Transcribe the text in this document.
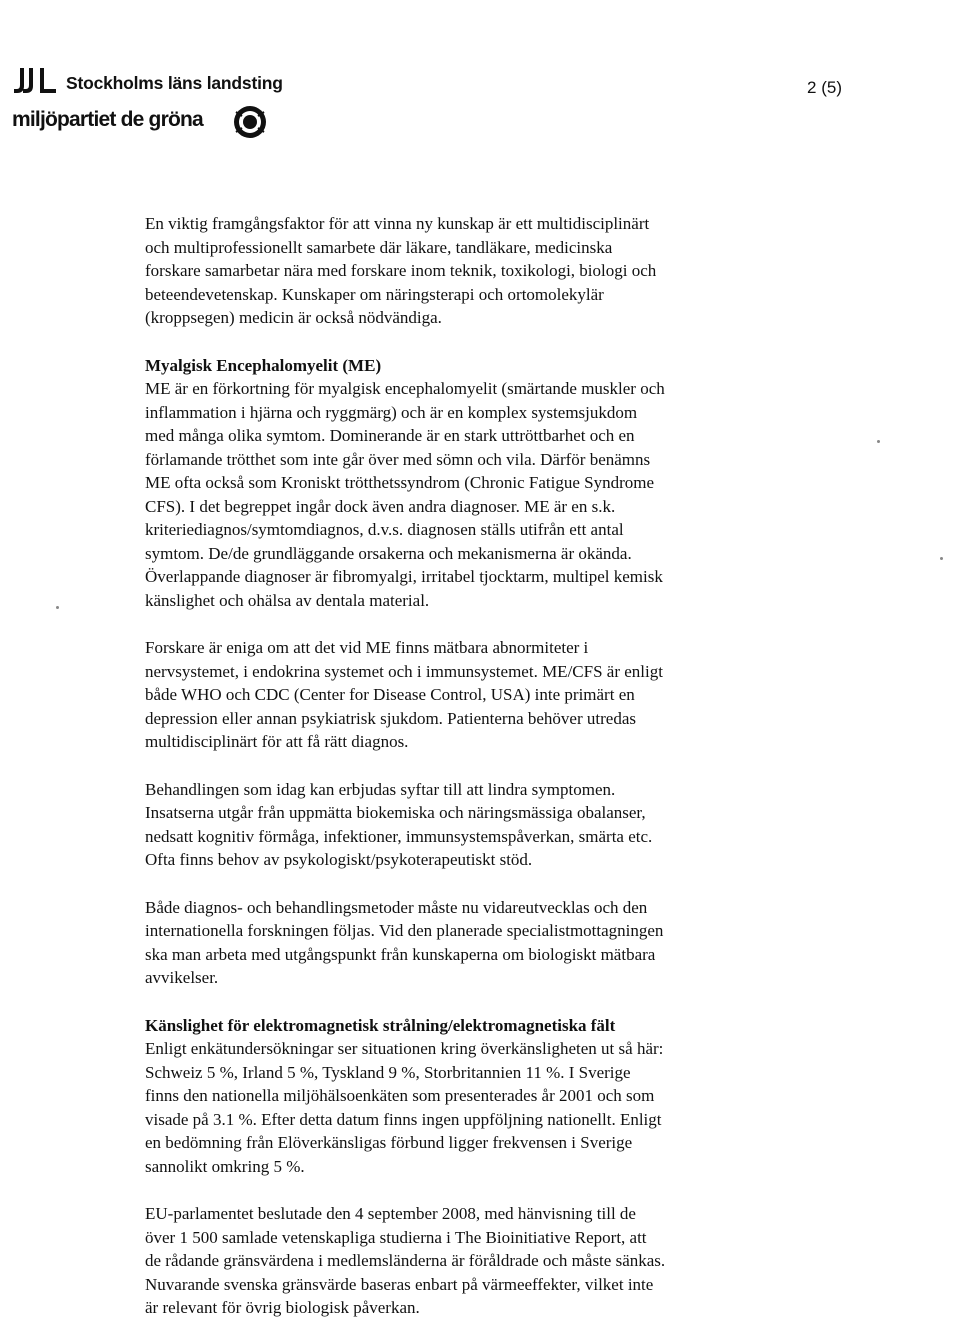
Stockholms läns landsting
miljöpartiet de gröna
2 (5)

En viktig framgångsfaktor för att vinna ny kunskap är ett multidisciplinärt
och multiprofessionellt samarbete där läkare, tandläkare, medicinska
forskare samarbetar nära med forskare inom teknik, toxikologi, biologi och
beteendevetenskap. Kunskaper om näringsterapi och ortomolekylär
(kroppsegen) medicin är också nödvändiga.

Myalgisk Encephalomyelit (ME)

ME är en förkortning för myalgisk encephalomyelit (smärtande muskler och
inflammation i hjärna och ryggmärg) och är en komplex systemsjukdom
med många olika symtom. Dominerande är en stark uttröttbarhet och en
förlamande trötthet som inte går över med sömn och vila. Därför benämns
ME ofta också som Kroniskt trötthetssyndrom (Chronic Fatigue Syndrome
CFS). I det begreppet ingår dock även andra diagnoser. ME är en s.k.
kriteriediagnos/symtomdiagnos, d.v.s. diagnosen ställs utifrån ett antal
symtom. De/de grundläggande orsakerna och mekanismerna är okända.
Överlappande diagnoser är fibromyalgi, irritabel tjocktarm, multipel kemisk
känslighet och ohälsa av dentala material.

Forskare är eniga om att det vid ME finns mätbara abnormiteter i
nervsystemet, i endokrina systemet och i immunsystemet. ME/CFS är enligt
både WHO och CDC (Center for Disease Control, USA) inte primärt en
depression eller annan psykiatrisk sjukdom. Patienterna behöver utredas
multidisciplinärt för att få rätt diagnos.

Behandlingen som idag kan erbjudas syftar till att lindra symptomen.
Insatserna utgår från uppmätta biokemiska och näringsmässiga obalanser,
nedsatt kognitiv förmåga, infektioner, immunsystemspåverkan, smärta etc.
Ofta finns behov av psykologiskt/psykoterapeutiskt stöd.

Både diagnos- och behandlingsmetoder måste nu vidareutvecklas och den
internationella forskningen följas. Vid den planerade specialistmottagningen
ska man arbeta med utgångspunkt från kunskaperna om biologiskt mätbara
avvikelser.

Känslighet för elektromagnetisk strålning/elektromagnetiska fält

Enligt enkätundersökningar ser situationen kring överkänsligheten ut så här:
Schweiz 5 %, Irland 5 %, Tyskland 9 %, Storbritannien 11 %. I Sverige
finns den nationella miljöhälsoenkäten som presenterades år 2001 och som
visade på 3.1 %. Efter detta datum finns ingen uppföljning nationellt. Enligt
en bedömning från Elöverkänsligas förbund ligger frekvensen i Sverige
sannolikt omkring 5 %.

EU-parlamentet beslutade den 4 september 2008, med hänvisning till de
över 1 500 samlade vetenskapliga studierna i The Bioinitiative Report, att
de rådande gränsvärdena i medlemsländerna är föråldrade och måste sänkas.
Nuvarande svenska gränsvärde baseras enbart på värmeeffekter, vilket inte
är relevant för övrig biologisk påverkan.
